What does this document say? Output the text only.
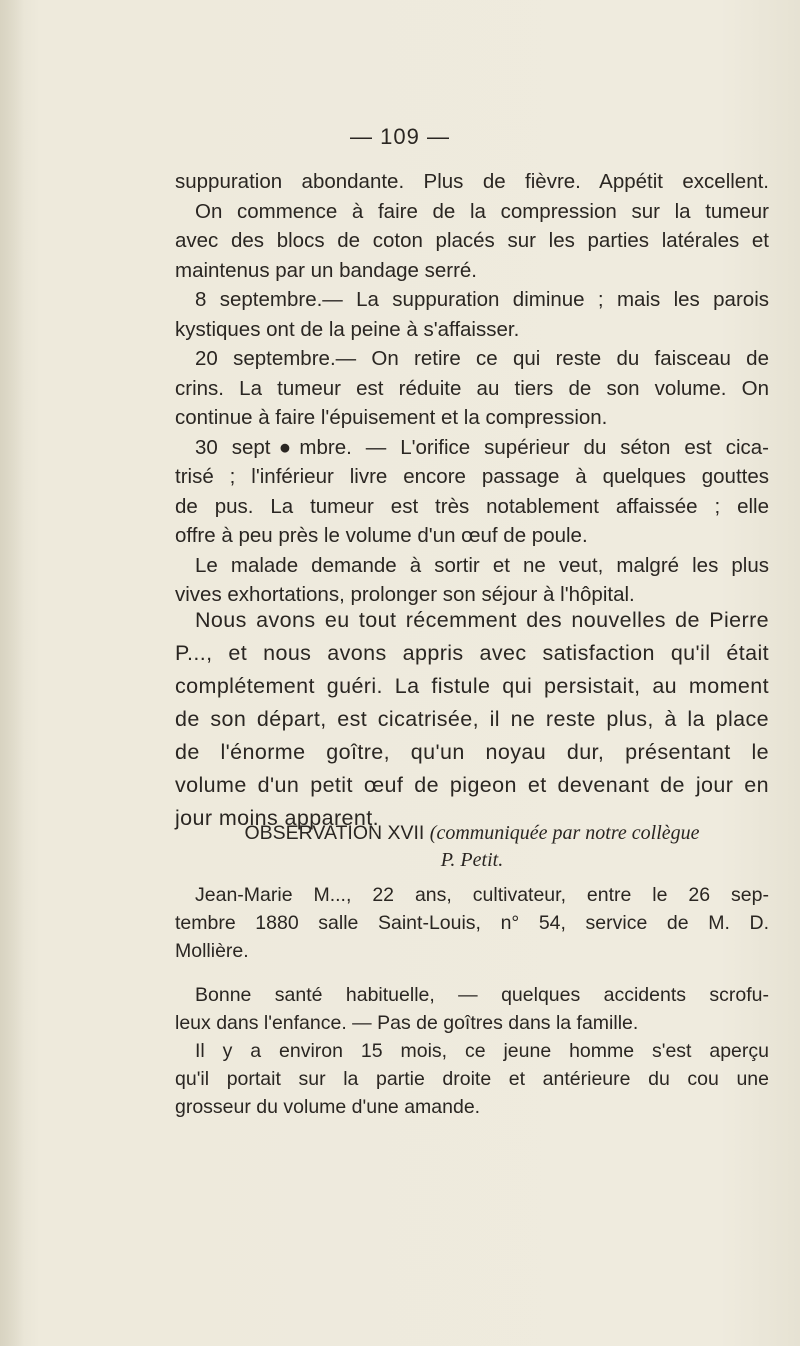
— 109 —
suppuration abondante. Plus de fièvre. Appétit excellent.
On commence à faire de la compression sur la tumeur
avec des blocs de coton placés sur les parties latérales et
maintenus par un bandage serré.
8 septembre.— La suppuration diminue ; mais les parois
kystiques ont de la peine à s'affaisser.
20 septembre.— On retire ce qui reste du faisceau de
crins. La tumeur est réduite au tiers de son volume. On
continue à faire l'épuisement et la compression.
30 sept●mbre. — L'orifice supérieur du séton est cica-
trisé ; l'inférieur livre encore passage à quelques gouttes
de pus. La tumeur est très notablement affaissée ; elle
offre à peu près le volume d'un œuf de poule.
Le malade demande à sortir et ne veut, malgré les plus
vives exhortations, prolonger son séjour à l'hôpital.
Nous avons eu tout récemment des nouvelles de Pierre
P..., et nous avons appris avec satisfaction qu'il était
complétement guéri. La fistule qui persistait, au moment
de son départ, est cicatrisée, il ne reste plus, à la place
de l'énorme goître, qu'un noyau dur, présentant le
volume d'un petit œuf de pigeon et devenant de jour en
jour moins apparent.
OBSERVATION XVII (communiquée par notre collègue
P. Petit.
Jean-Marie M..., 22 ans, cultivateur, entre le 26 sep-
tembre 1880 salle Saint-Louis, n° 54, service de M. D.
Mollière.
Bonne santé habituelle, — quelques accidents scrofu-
leux dans l'enfance. — Pas de goîtres dans la famille.
Il y a environ 15 mois, ce jeune homme s'est aperçu
qu'il portait sur la partie droite et antérieure du cou une
grosseur du volume d'une amande.
